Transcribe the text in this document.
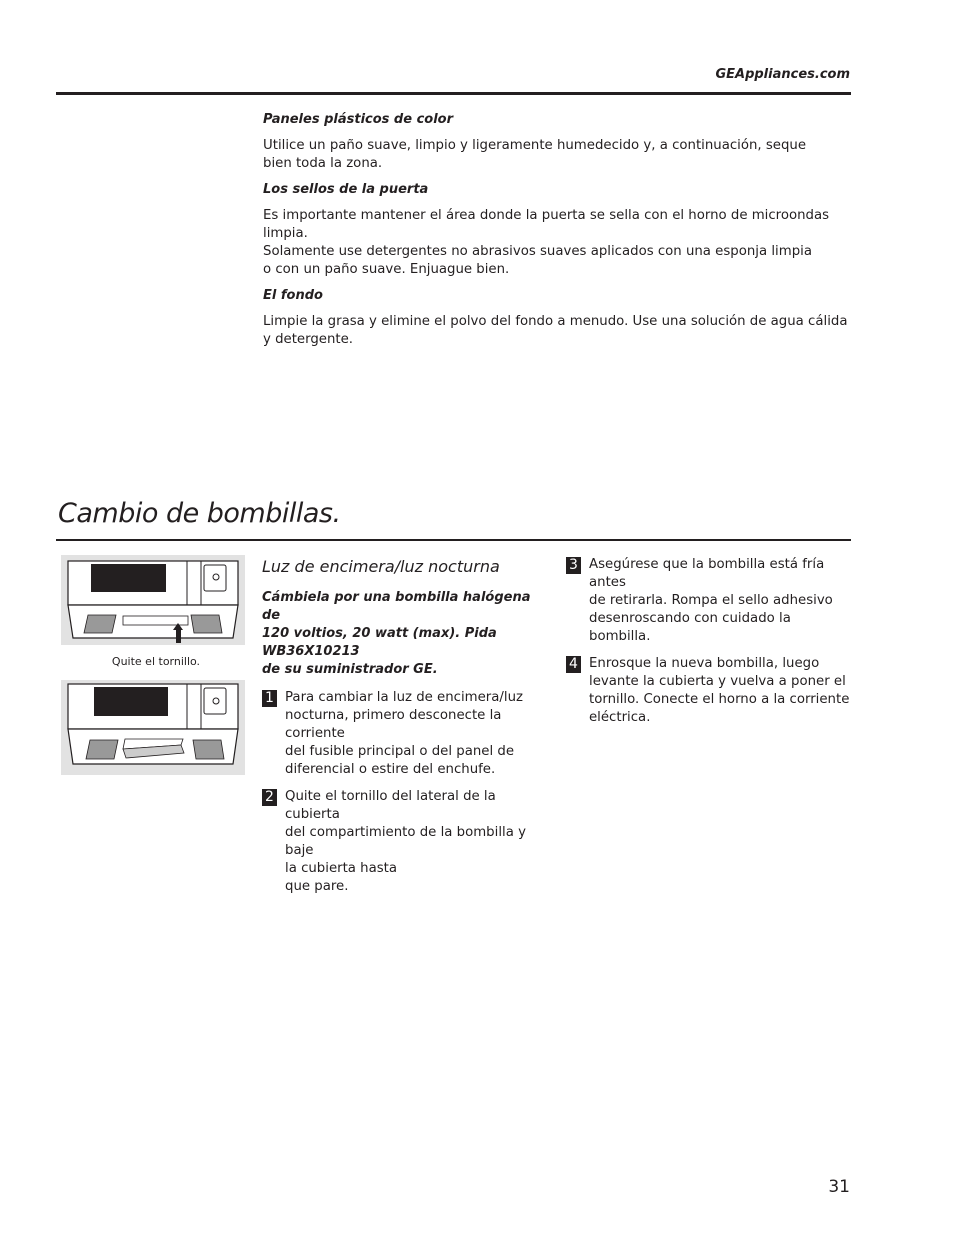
GEAppliances.com
Paneles plásticos de color

Utilice un paño suave, limpio y ligeramente humedecido y, a continuación, seque
bien toda la zona.

Los sellos de la puerta

Es importante mantener el área donde la puerta se sella con el horno de microondas limpia.
Solamente use detergentes no abrasivos suaves aplicados con una esponja limpia
o con un paño suave. Enjuague bien.

El fondo

Limpie la grasa y elimine el polvo del fondo a menudo. Use una solución de agua cálida
y detergente.

Cambio de bombillas.
Quite el tornillo.
Luz de encimera/luz nocturna

Cámbiela por una bombilla halógena de
120 voltios, 20 watt (max). Pida WB36X10213
de su suministrador GE.

1 Para cambiar la luz de encimera/luz
nocturna, primero desconecte la corriente
del fusible principal o del panel de
diferencial o estire del enchufe.
2 Quite el tornillo del lateral de la cubierta
del compartimiento de la bombilla y baje
la cubierta hasta
que pare.
3 Asegúrese que la bombilla está fría antes
de retirarla. Rompa el sello adhesivo
desenroscando con cuidado la bombilla.
4 Enrosque la nueva bombilla, luego
levante la cubierta y vuelva a poner el
tornillo. Conecte el horno a la corriente
eléctrica.
31
